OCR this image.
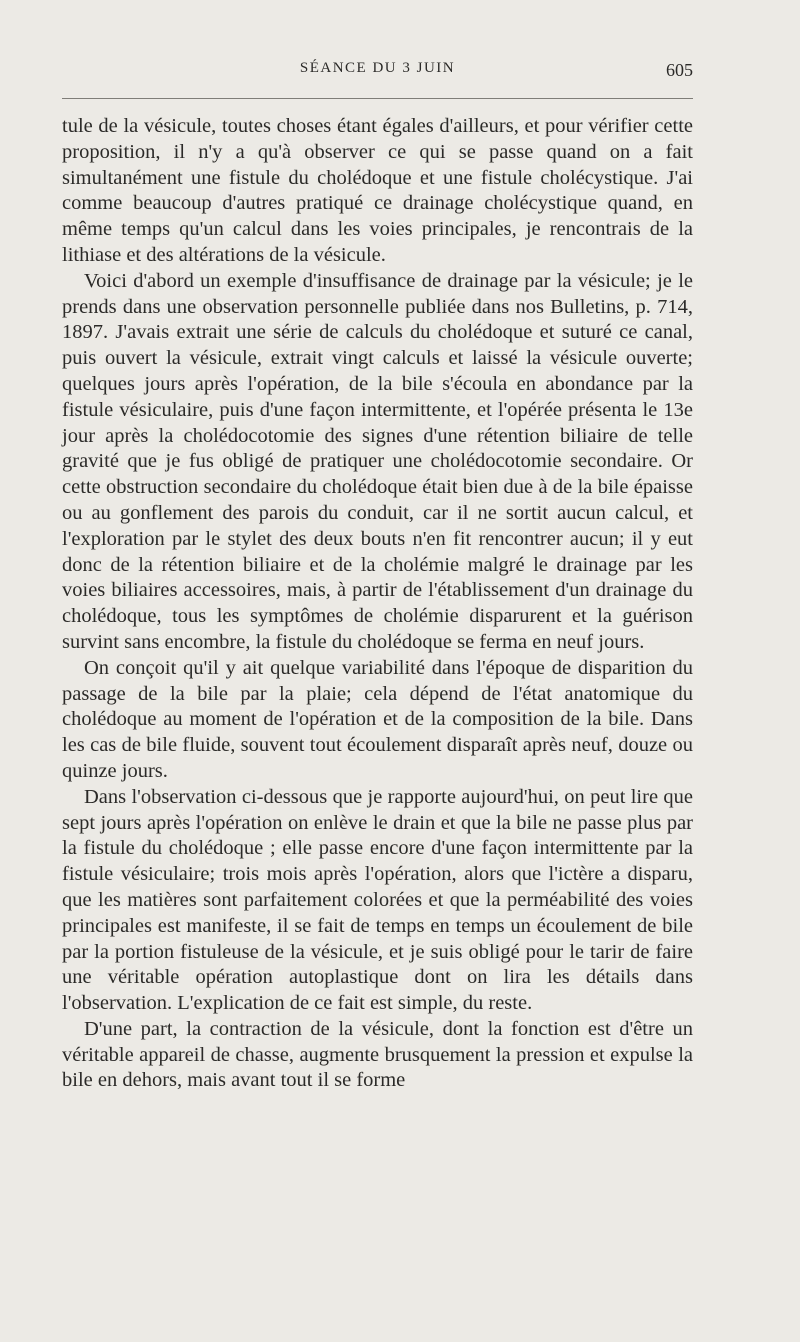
SÉANCE DU 3 JUIN	605

tule de la vésicule, toutes choses étant égales d'ailleurs, et pour vérifier cette proposition, il n'y a qu'à observer ce qui se passe quand on a fait simultanément une fistule du cholédoque et une fistule cholécystique. J'ai comme beaucoup d'autres pratiqué ce drainage cholécystique quand, en même temps qu'un calcul dans les voies principales, je rencontrais de la lithiase et des altérations de la vésicule.

Voici d'abord un exemple d'insuffisance de drainage par la vésicule; je le prends dans une observation personnelle publiée dans nos Bulletins, p. 714, 1897. J'avais extrait une série de calculs du cholédoque et suturé ce canal, puis ouvert la vésicule, extrait vingt calculs et laissé la vésicule ouverte; quelques jours après l'opération, de la bile s'écoula en abondance par la fistule vésiculaire, puis d'une façon intermittente, et l'opérée présenta le 13e jour après la cholédocotomie des signes d'une rétention biliaire de telle gravité que je fus obligé de pratiquer une cholédocotomie secondaire. Or cette obstruction secondaire du cholédoque était bien due à de la bile épaisse ou au gonflement des parois du conduit, car il ne sortit aucun calcul, et l'exploration par le stylet des deux bouts n'en fit rencontrer aucun; il y eut donc de la rétention biliaire et de la cholémie malgré le drainage par les voies biliaires accessoires, mais, à partir de l'établissement d'un drainage du cholédoque, tous les symptômes de cholémie disparurent et la guérison survint sans encombre, la fistule du cholédoque se ferma en neuf jours.

On conçoit qu'il y ait quelque variabilité dans l'époque de disparition du passage de la bile par la plaie; cela dépend de l'état anatomique du cholédoque au moment de l'opération et de la composition de la bile. Dans les cas de bile fluide, souvent tout écoulement disparaît après neuf, douze ou quinze jours.

Dans l'observation ci-dessous que je rapporte aujourd'hui, on peut lire que sept jours après l'opération on enlève le drain et que la bile ne passe plus par la fistule du cholédoque ; elle passe encore d'une façon intermittente par la fistule vésiculaire; trois mois après l'opération, alors que l'ictère a disparu, que les matières sont parfaitement colorées et que la perméabilité des voies principales est manifeste, il se fait de temps en temps un écoulement de bile par la portion fistuleuse de la vésicule, et je suis obligé pour le tarir de faire une véritable opération autoplastique dont on lira les détails dans l'observation. L'explication de ce fait est simple, du reste.

D'une part, la contraction de la vésicule, dont la fonction est d'être un véritable appareil de chasse, augmente brusquement la pression et expulse la bile en dehors, mais avant tout il se forme
